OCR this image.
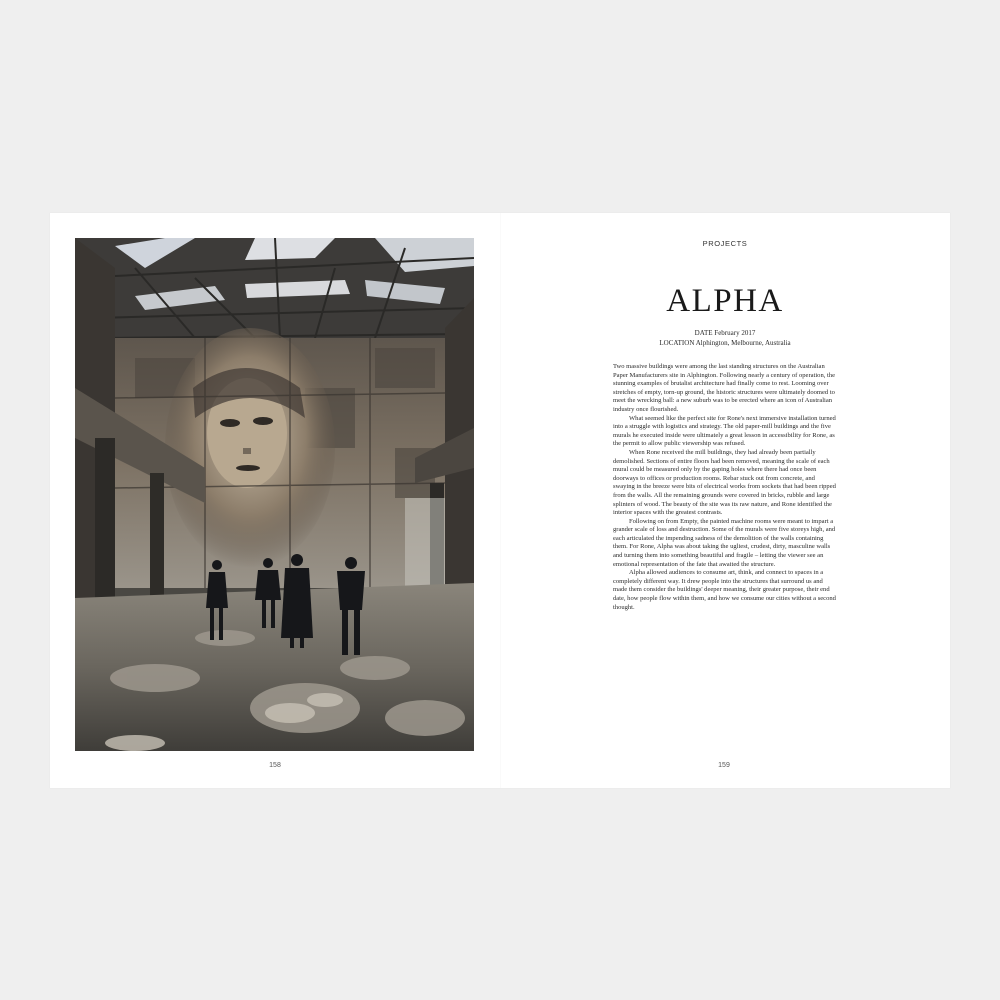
158
PROJECTS
ALPHA
DATE February 2017
LOCATION Alphington, Melbourne, Australia

Two massive buildings were among the last standing structures on the Australian Paper Manufacturers site in Alphington. Following nearly a century of operation, the stunning examples of brutalist architecture had finally come to rest. Looming over stretches of empty, torn-up ground, the historic structures were ultimately doomed to meet the wrecking ball: a new suburb was to be erected where an icon of Australian industry once flourished.

What seemed like the perfect site for Rone's next immersive installation turned into a struggle with logistics and strategy. The old paper-mill buildings and the five murals he executed inside were ultimately a great lesson in accessibility for Rone, as the permit to allow public viewership was refused.

When Rone received the mill buildings, they had already been partially demolished. Sections of entire floors had been removed, meaning the scale of each mural could be measured only by the gaping holes where there had once been doorways to offices or production rooms. Rebar stuck out from concrete, and swaying in the breeze were bits of electrical works from sockets that had been ripped from the walls. All the remaining grounds were covered in bricks, rubble and large splinters of wood. The beauty of the site was its raw nature, and Rone identified the interior spaces with the greatest contrasts.

Following on from Empty, the painted machine rooms were meant to impart a grander scale of loss and destruction. Some of the murals were five storeys high, and each articulated the impending sadness of the demolition of the walls containing them. For Rone, Alpha was about taking the ugliest, crudest, dirty, masculine walls and turning them into something beautiful and fragile – letting the viewer see an emotional representation of the fate that awaited the structure.

Alpha allowed audiences to consume art, think, and connect to spaces in a completely different way. It drew people into the structures that surround us and made them consider the buildings' deeper meaning, their greater purpose, their end date, how people flow within them, and how we consume our cities without a second thought.

159
